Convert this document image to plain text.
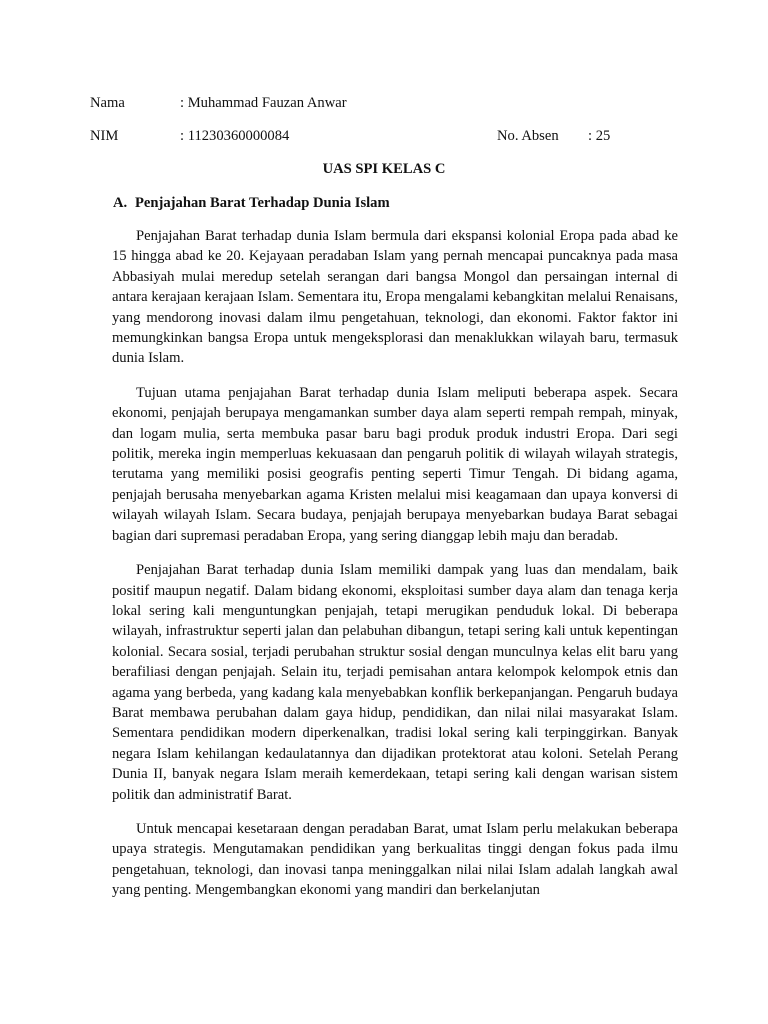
Nama	: Muhammad Fauzan Anwar
NIM	: 11230360000084	No. Absen : 25
UAS SPI KELAS C
A. Penjajahan Barat Terhadap Dunia Islam

Penjajahan Barat terhadap dunia Islam bermula dari ekspansi kolonial Eropa pada abad ke 15 hingga abad ke 20. Kejayaan peradaban Islam yang pernah mencapai puncaknya pada masa Abbasiyah mulai meredup setelah serangan dari bangsa Mongol dan persaingan internal di antara kerajaan kerajaan Islam. Sementara itu, Eropa mengalami kebangkitan melalui Renaisans, yang mendorong inovasi dalam ilmu pengetahuan, teknologi, dan ekonomi. Faktor faktor ini memungkinkan bangsa Eropa untuk mengeksplorasi dan menaklukkan wilayah baru, termasuk dunia Islam.

Tujuan utama penjajahan Barat terhadap dunia Islam meliputi beberapa aspek. Secara ekonomi, penjajah berupaya mengamankan sumber daya alam seperti rempah rempah, minyak, dan logam mulia, serta membuka pasar baru bagi produk produk industri Eropa. Dari segi politik, mereka ingin memperluas kekuasaan dan pengaruh politik di wilayah wilayah strategis, terutama yang memiliki posisi geografis penting seperti Timur Tengah. Di bidang agama, penjajah berusaha menyebarkan agama Kristen melalui misi keagamaan dan upaya konversi di wilayah wilayah Islam. Secara budaya, penjajah berupaya menyebarkan budaya Barat sebagai bagian dari supremasi peradaban Eropa, yang sering dianggap lebih maju dan beradab.

Penjajahan Barat terhadap dunia Islam memiliki dampak yang luas dan mendalam, baik positif maupun negatif. Dalam bidang ekonomi, eksploitasi sumber daya alam dan tenaga kerja lokal sering kali menguntungkan penjajah, tetapi merugikan penduduk lokal. Di beberapa wilayah, infrastruktur seperti jalan dan pelabuhan dibangun, tetapi sering kali untuk kepentingan kolonial. Secara sosial, terjadi perubahan struktur sosial dengan munculnya kelas elit baru yang berafiliasi dengan penjajah. Selain itu, terjadi pemisahan antara kelompok kelompok etnis dan agama yang berbeda, yang kadang kala menyebabkan konflik berkepanjangan. Pengaruh budaya Barat membawa perubahan dalam gaya hidup, pendidikan, dan nilai nilai masyarakat Islam. Sementara pendidikan modern diperkenalkan, tradisi lokal sering kali terpinggirkan. Banyak negara Islam kehilangan kedaulatannya dan dijadikan protektorat atau koloni. Setelah Perang Dunia II, banyak negara Islam meraih kemerdekaan, tetapi sering kali dengan warisan sistem politik dan administratif Barat.

Untuk mencapai kesetaraan dengan peradaban Barat, umat Islam perlu melakukan beberapa upaya strategis. Mengutamakan pendidikan yang berkualitas tinggi dengan fokus pada ilmu pengetahuan, teknologi, dan inovasi tanpa meninggalkan nilai nilai Islam adalah langkah awal yang penting. Mengembangkan ekonomi yang mandiri dan berkelanjutan
